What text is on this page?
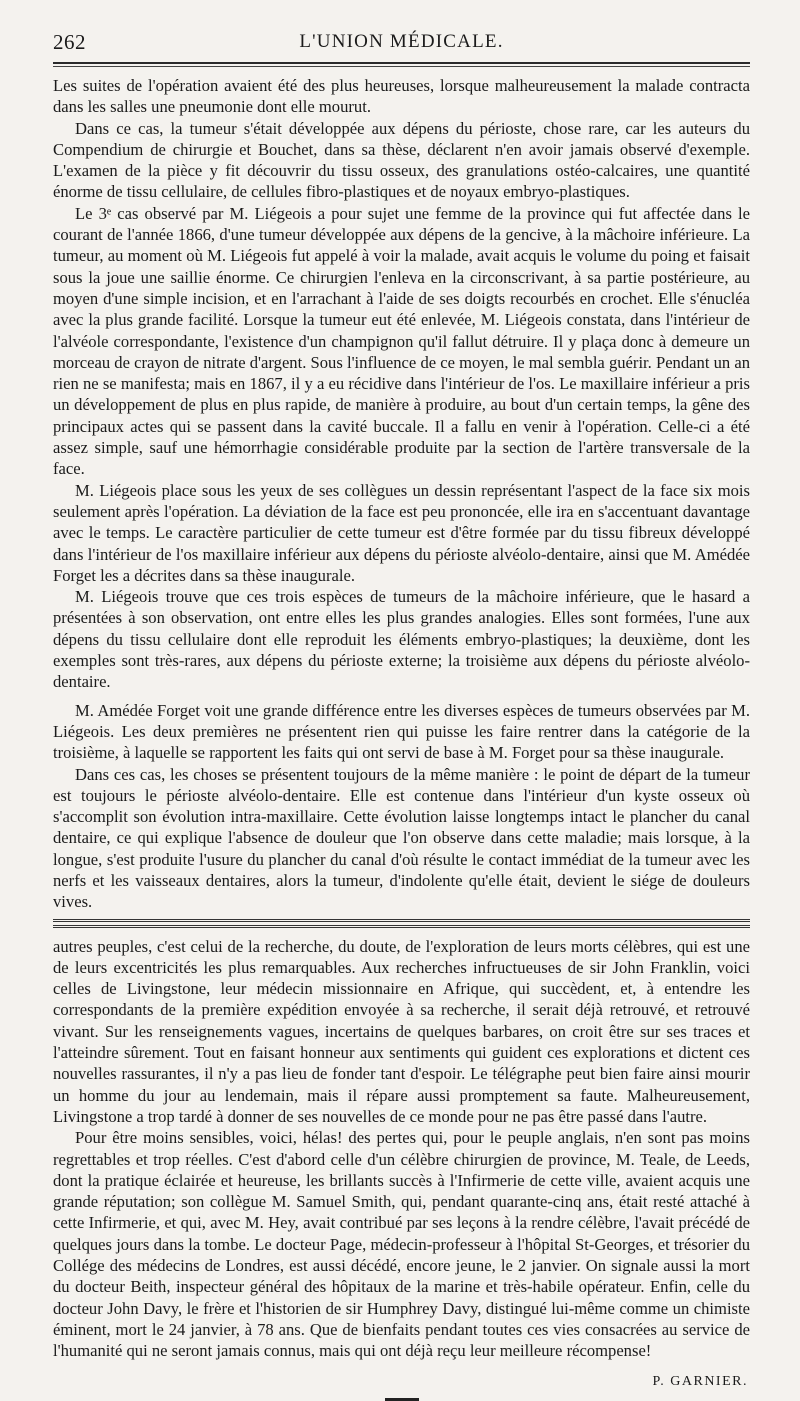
262	L'UNION MÉDICALE.

Les suites de l'opération avaient été des plus heureuses, lorsque malheureusement la malade contracta dans les salles une pneumonie dont elle mourut.

Dans ce cas, la tumeur s'était développée aux dépens du périoste, chose rare, car les auteurs du Compendium de chirurgie et Bouchet, dans sa thèse, déclarent n'en avoir jamais observé d'exemple. L'examen de la pièce y fit découvrir du tissu osseux, des granulations ostéo-calcaires, une quantité énorme de tissu cellulaire, de cellules fibro-plastiques et de noyaux embryo-plastiques.

Le 3ᵉ cas observé par M. Liégeois a pour sujet une femme de la province qui fut affectée dans le courant de l'année 1866, d'une tumeur développée aux dépens de la gencive, à la mâchoire inférieure. La tumeur, au moment où M. Liégeois fut appelé à voir la malade, avait acquis le volume du poing et faisait sous la joue une saillie énorme. Ce chirurgien l'enleva en la circonscrivant, à sa partie postérieure, au moyen d'une simple incision, et en l'arrachant à l'aide de ses doigts recourbés en crochet. Elle s'énucléa avec la plus grande facilité. Lorsque la tumeur eut été enlevée, M. Liégeois constata, dans l'intérieur de l'alvéole correspondante, l'existence d'un champignon qu'il fallut détruire. Il y plaça donc à demeure un morceau de crayon de nitrate d'argent. Sous l'influence de ce moyen, le mal sembla guérir. Pendant un an rien ne se manifesta; mais en 1867, il y a eu récidive dans l'intérieur de l'os. Le maxillaire inférieur a pris un développement de plus en plus rapide, de manière à produire, au bout d'un certain temps, la gêne des principaux actes qui se passent dans la cavité buccale. Il a fallu en venir à l'opération. Celle-ci a été assez simple, sauf une hémorrhagie considérable produite par la section de l'artère transversale de la face.

M. Liégeois place sous les yeux de ses collègues un dessin représentant l'aspect de la face six mois seulement après l'opération. La déviation de la face est peu prononcée, elle ira en s'accentuant davantage avec le temps. Le caractère particulier de cette tumeur est d'être formée par du tissu fibreux développé dans l'intérieur de l'os maxillaire inférieur aux dépens du périoste alvéolo-dentaire, ainsi que M. Amédée Forget les a décrites dans sa thèse inaugurale.

M. Liégeois trouve que ces trois espèces de tumeurs de la mâchoire inférieure, que le hasard a présentées à son observation, ont entre elles les plus grandes analogies. Elles sont formées, l'une aux dépens du tissu cellulaire dont elle reproduit les éléments embryo-plastiques; la deuxième, dont les exemples sont très-rares, aux dépens du périoste externe; la troisième aux dépens du périoste alvéolo-dentaire.

M. Amédée Forget voit une grande différence entre les diverses espèces de tumeurs observées par M. Liégeois. Les deux premières ne présentent rien qui puisse les faire rentrer dans la catégorie de la troisième, à laquelle se rapportent les faits qui ont servi de base à M. Forget pour sa thèse inaugurale.

Dans ces cas, les choses se présentent toujours de la même manière : le point de départ de la tumeur est toujours le périoste alvéolo-dentaire. Elle est contenue dans l'intérieur d'un kyste osseux où s'accomplit son évolution intra-maxillaire. Cette évolution laisse longtemps intact le plancher du canal dentaire, ce qui explique l'absence de douleur que l'on observe dans cette maladie; mais lorsque, à la longue, s'est produite l'usure du plancher du canal d'où résulte le contact immédiat de la tumeur avec les nerfs et les vaisseaux dentaires, alors la tumeur, d'indolente qu'elle était, devient le siége de douleurs vives.

autres peuples, c'est celui de la recherche, du doute, de l'exploration de leurs morts célèbres, qui est une de leurs excentricités les plus remarquables. Aux recherches infructueuses de sir John Franklin, voici celles de Livingstone, leur médecin missionnaire en Afrique, qui succèdent, et, à entendre les correspondants de la première expédition envoyée à sa recherche, il serait déjà retrouvé, et retrouvé vivant. Sur les renseignements vagues, incertains de quelques barbares, on croit être sur ses traces et l'atteindre sûrement. Tout en faisant honneur aux sentiments qui guident ces explorations et dictent ces nouvelles rassurantes, il n'y a pas lieu de fonder tant d'espoir. Le télégraphe peut bien faire ainsi mourir un homme du jour au lendemain, mais il répare aussi promptement sa faute. Malheureusement, Livingstone a trop tardé à donner de ses nouvelles de ce monde pour ne pas être passé dans l'autre.

Pour être moins sensibles, voici, hélas! des pertes qui, pour le peuple anglais, n'en sont pas moins regrettables et trop réelles. C'est d'abord celle d'un célèbre chirurgien de province, M. Teale, de Leeds, dont la pratique éclairée et heureuse, les brillants succès à l'Infirmerie de cette ville, avaient acquis une grande réputation; son collègue M. Samuel Smith, qui, pendant quarante-cinq ans, était resté attaché à cette Infirmerie, et qui, avec M. Hey, avait contribué par ses leçons à la rendre célèbre, l'avait précédé de quelques jours dans la tombe. Le docteur Page, médecin-professeur à l'hôpital St-Georges, et trésorier du Collége des médecins de Londres, est aussi décédé, encore jeune, le 2 janvier. On signale aussi la mort du docteur Beith, inspecteur général des hôpitaux de la marine et très-habile opérateur. Enfin, celle du docteur John Davy, le frère et l'historien de sir Humphrey Davy, distingué lui-même comme un chimiste éminent, mort le 24 janvier, à 78 ans. Que de bienfaits pendant toutes ces vies consacrées au service de l'humanité qui ne seront jamais connus, mais qui ont déjà reçu leur meilleure récompense!

P. GARNIER.
